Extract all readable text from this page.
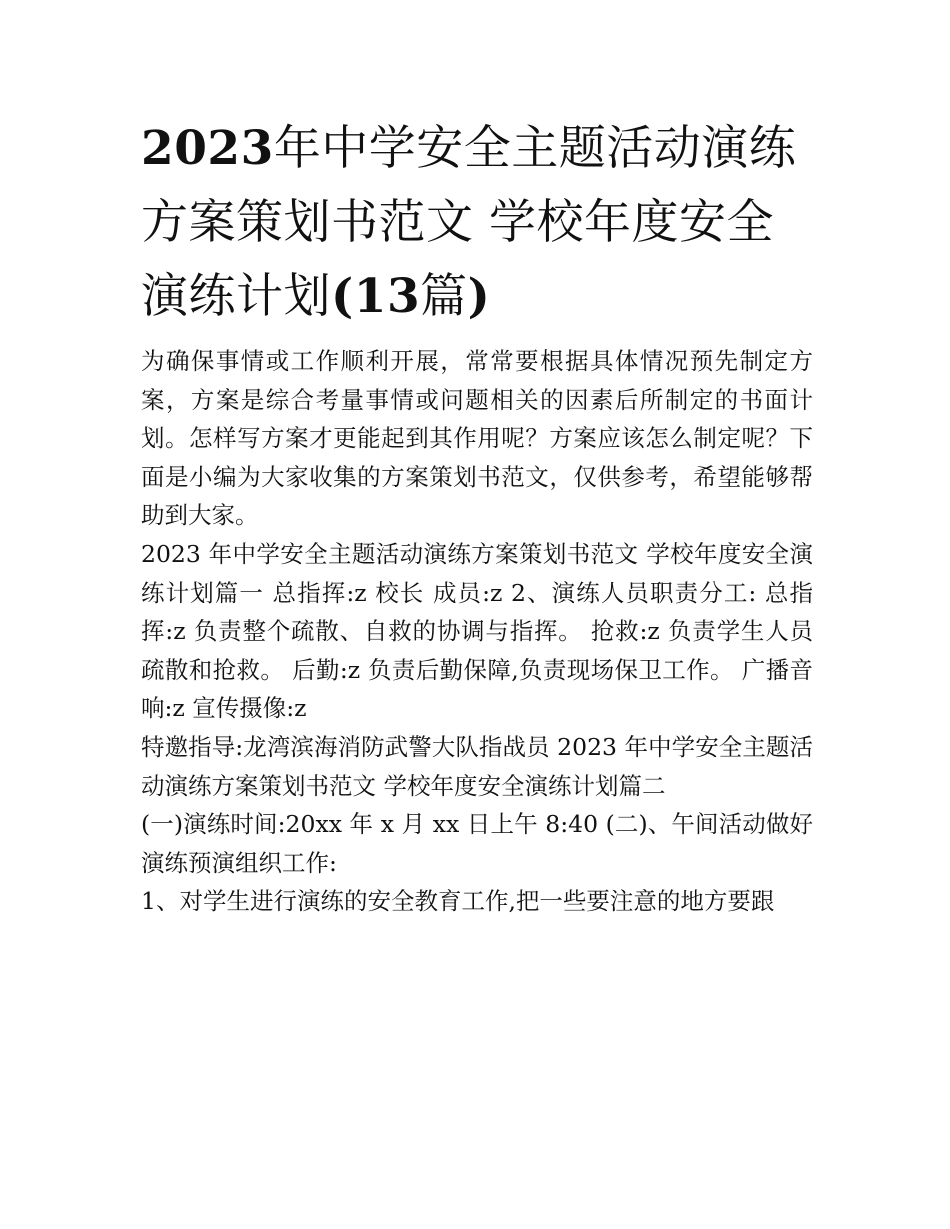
2023年中学安全主题活动演练方案策划书范文 学校年度安全演练计划(13篇)

为确保事情或工作顺利开展，常常要根据具体情况预先制定方案，方案是综合考量事情或问题相关的因素后所制定的书面计划。怎样写方案才更能起到其作用呢？方案应该怎么制定呢？下面是小编为大家收集的方案策划书范文，仅供参考，希望能够帮助到大家。

2023 年中学安全主题活动演练方案策划书范文 学校年度安全演练计划篇一 总指挥:z 校长 成员:z 2、演练人员职责分工: 总指挥:z 负责整个疏散、自救的协调与指挥。 抢救:z 负责学生人员疏散和抢救。 后勤:z 负责后勤保障,负责现场保卫工作。 广播音响:z 宣传摄像:z

特邀指导:龙湾滨海消防武警大队指战员 2023 年中学安全主题活动演练方案策划书范文 学校年度安全演练计划篇二

(一)演练时间:20xx 年 x 月 xx 日上午 8:40 (二)、午间活动做好演练预演组织工作:

1、对学生进行演练的安全教育工作,把一些要注意的地方要跟
